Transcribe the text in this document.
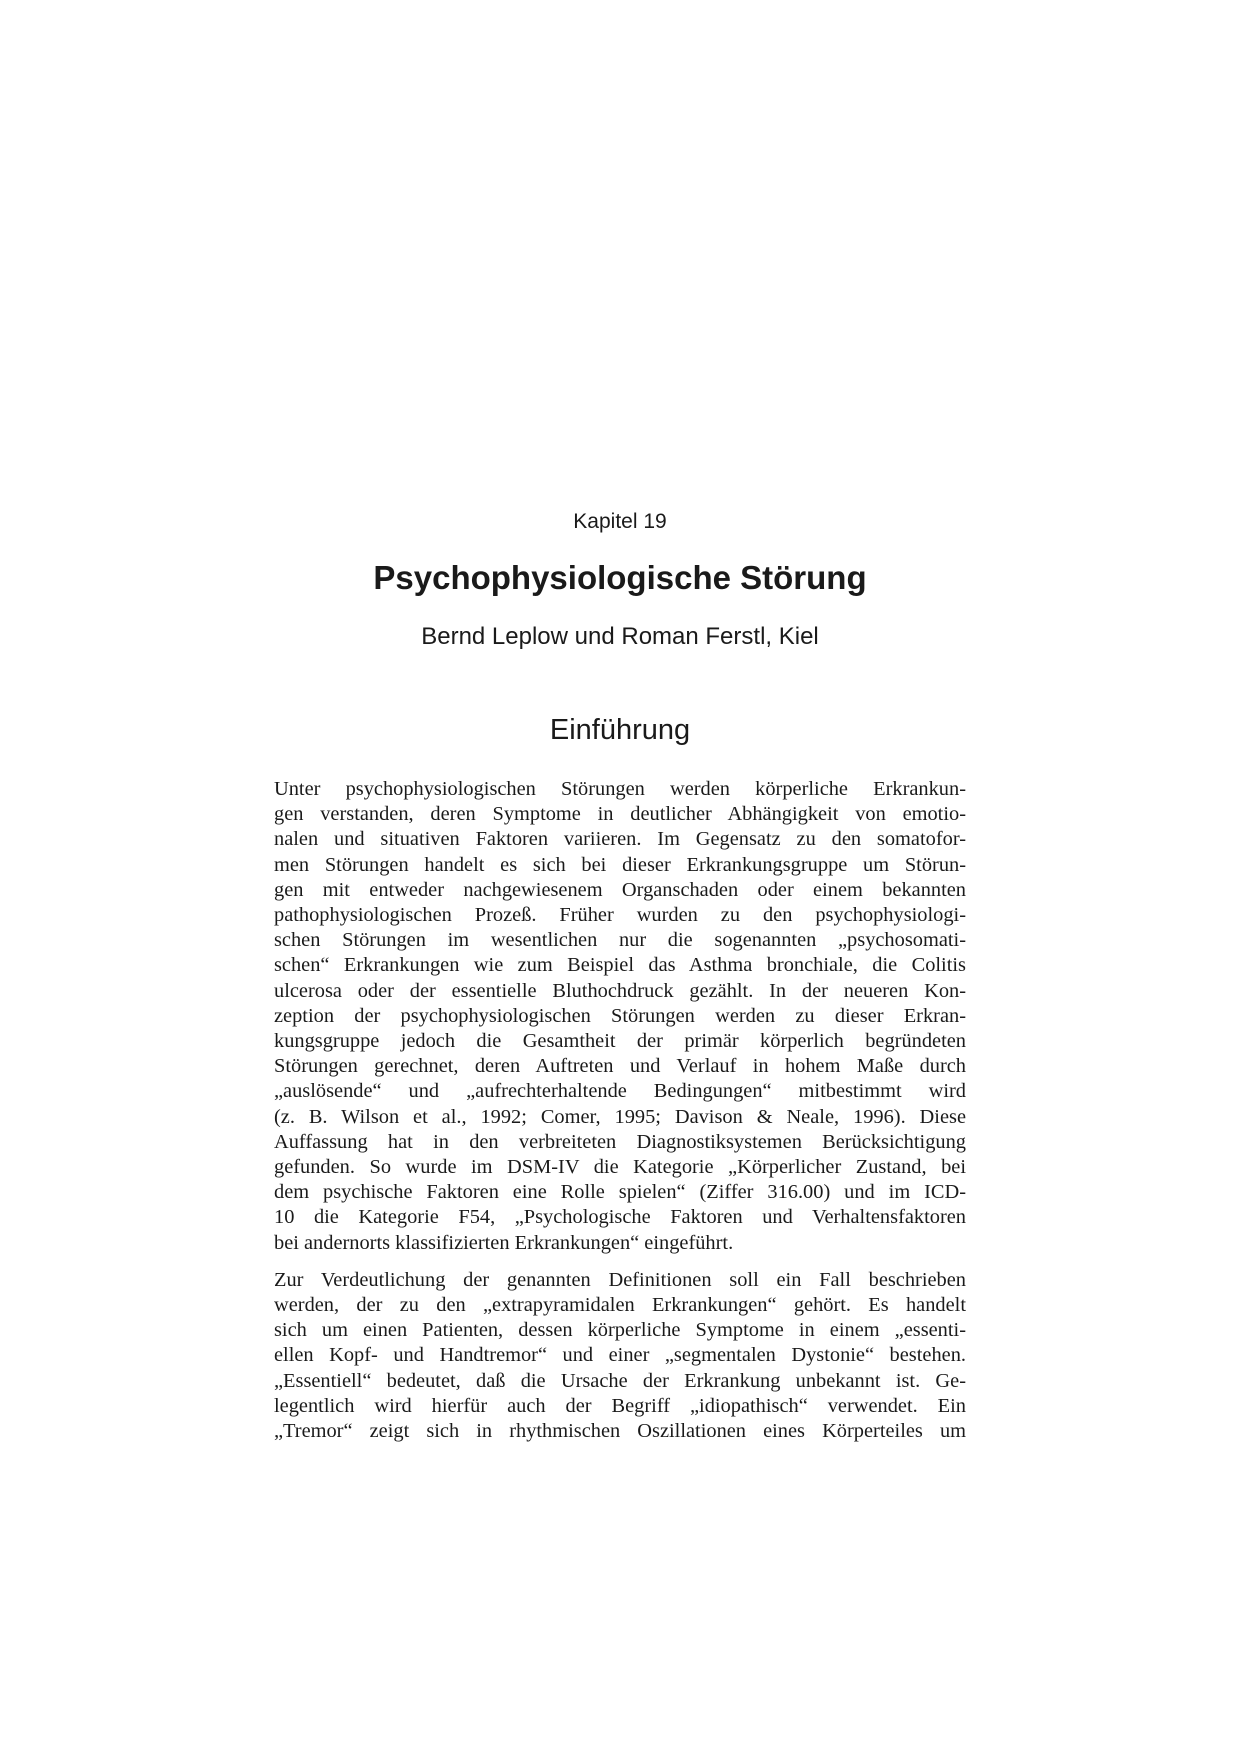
Kapitel 19
Psychophysiologische Störung
Bernd Leplow und Roman Ferstl, Kiel
Einführung

Unter psychophysiologischen Störungen werden körperliche Erkrankun-
gen verstanden, deren Symptome in deutlicher Abhängigkeit von emotio-
nalen und situativen Faktoren variieren. Im Gegensatz zu den somatofor-
men Störungen handelt es sich bei dieser Erkrankungsgruppe um Störun-
gen mit entweder nachgewiesenem Organschaden oder einem bekannten
pathophysiologischen Prozeß. Früher wurden zu den psychophysiologi-
schen Störungen im wesentlichen nur die sogenannten „psychosomati-
schen“ Erkrankungen wie zum Beispiel das Asthma bronchiale, die Colitis
ulcerosa oder der essentielle Bluthochdruck gezählt. In der neueren Kon-
zeption der psychophysiologischen Störungen werden zu dieser Erkran-
kungsgruppe jedoch die Gesamtheit der primär körperlich begründeten
Störungen gerechnet, deren Auftreten und Verlauf in hohem Maße durch
„auslösende“ und „aufrechterhaltende Bedingungen“ mitbestimmt wird
(z. B. Wilson et al., 1992; Comer, 1995; Davison & Neale, 1996). Diese
Auffassung hat in den verbreiteten Diagnostiksystemen Berücksichtigung
gefunden. So wurde im DSM-IV die Kategorie „Körperlicher Zustand, bei
dem psychische Faktoren eine Rolle spielen“ (Ziffer 316.00) und im ICD-
10 die Kategorie F54, „Psychologische Faktoren und Verhaltensfaktoren
bei andernorts klassifizierten Erkrankungen“ eingeführt.

Zur Verdeutlichung der genannten Definitionen soll ein Fall beschrieben
werden, der zu den „extrapyramidalen Erkrankungen“ gehört. Es handelt
sich um einen Patienten, dessen körperliche Symptome in einem „essenti-
ellen Kopf- und Handtremor“ und einer „segmentalen Dystonie“ bestehen.
„Essentiell“ bedeutet, daß die Ursache der Erkrankung unbekannt ist. Ge-
legentlich wird hierfür auch der Begriff „idiopathisch“ verwendet. Ein
„Tremor“ zeigt sich in rhythmischen Oszillationen eines Körperteiles um
